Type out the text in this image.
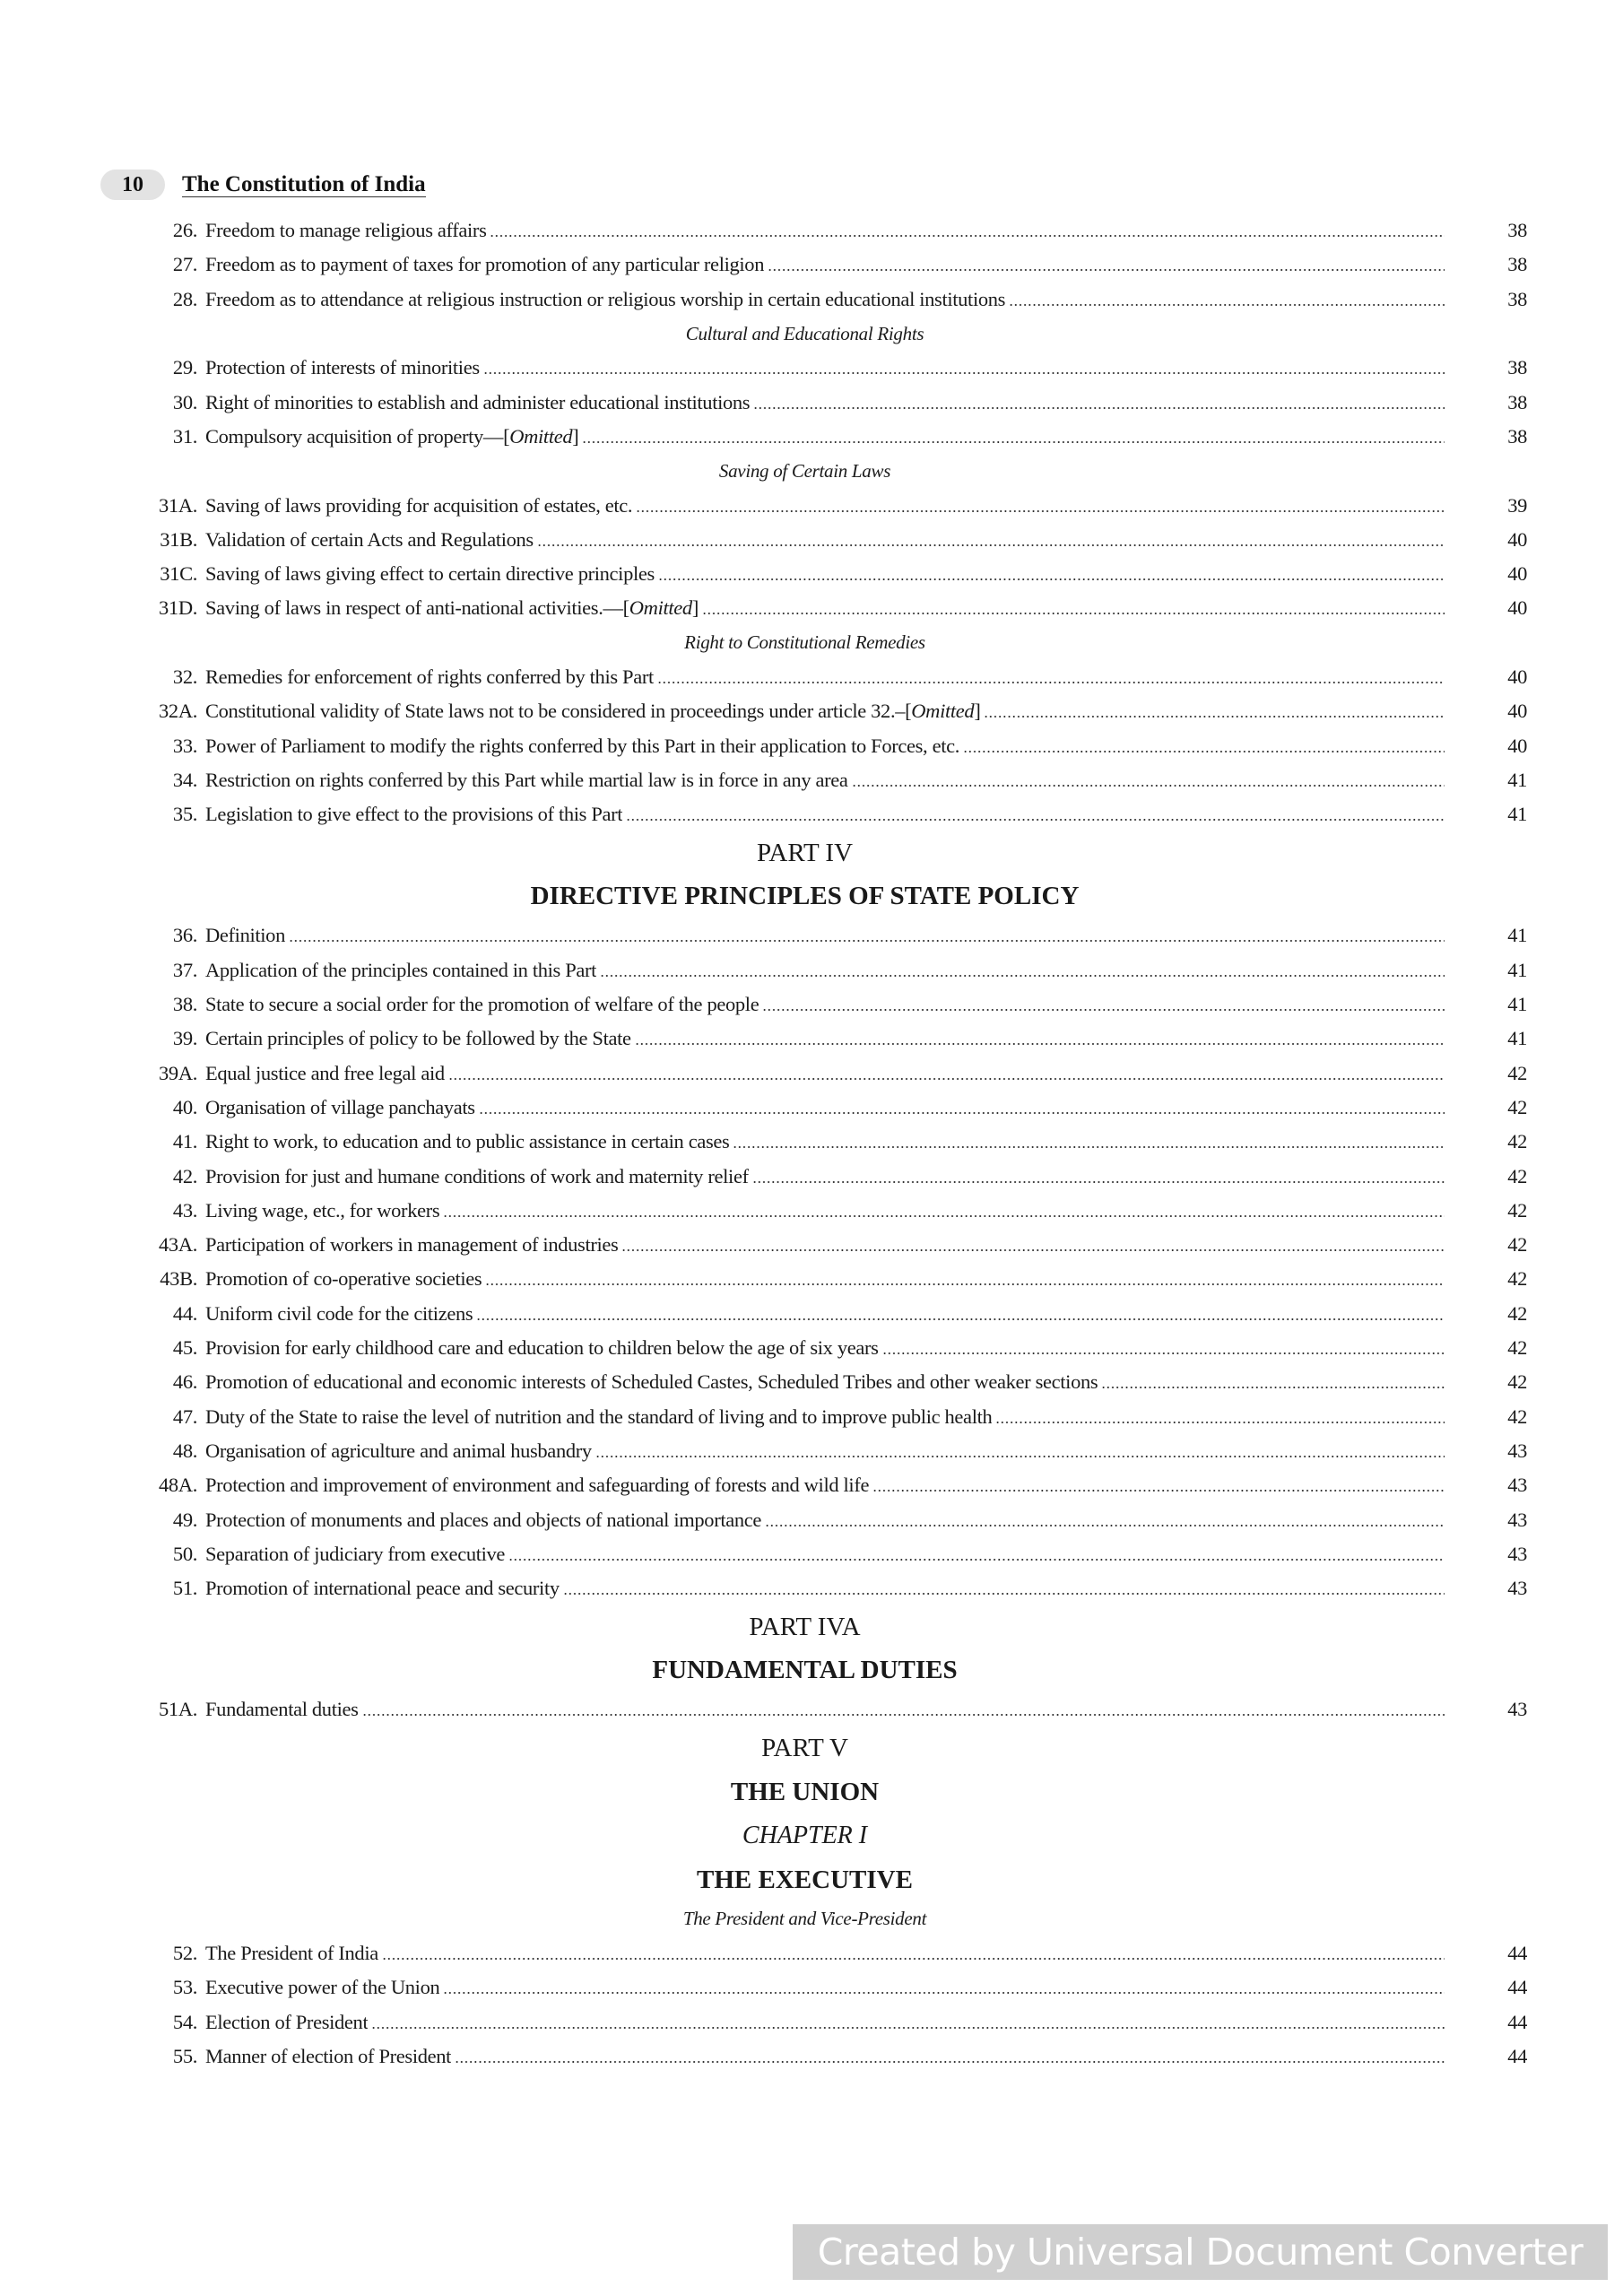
10	The Constitution of India
26. Freedom to manage religious affairs	38
27. Freedom as to payment of taxes for promotion of any particular religion	38
28. Freedom as to attendance at religious instruction or religious worship in certain educational institutions	38
Cultural and Educational Rights
29. Protection of interests of minorities	38
30. Right of minorities to establish and administer educational institutions	38
31. Compulsory acquisition of property—[Omitted]	38
Saving of Certain Laws
31A. Saving of laws providing for acquisition of estates, etc.	39
31B. Validation of certain Acts and Regulations	40
31C. Saving of laws giving effect to certain directive principles	40
31D. Saving of laws in respect of anti-national activities.—[Omitted]	40
Right to Constitutional Remedies
32. Remedies for enforcement of rights conferred by this Part	40
32A. Constitutional validity of State laws not to be considered in proceedings under article 32.–[Omitted]	40
33. Power of Parliament to modify the rights conferred by this Part in their application to Forces, etc.	40
34. Restriction on rights conferred by this Part while martial law is in force in any area	41
35. Legislation to give effect to the provisions of this Part	41
PART IV
DIRECTIVE PRINCIPLES OF STATE POLICY
36. Definition	41
37. Application of the principles contained in this Part	41
38. State to secure a social order for the promotion of welfare of the people	41
39. Certain principles of policy to be followed by the State	41
39A. Equal justice and free legal aid	42
40. Organisation of village panchayats	42
41. Right to work, to education and to public assistance in certain cases	42
42. Provision for just and humane conditions of work and maternity relief	42
43. Living wage, etc., for workers	42
43A. Participation of workers in management of industries	42
43B. Promotion of co-operative societies	42
44. Uniform civil code for the citizens	42
45. Provision for early childhood care and education to children below the age of six years	42
46. Promotion of educational and economic interests of Scheduled Castes, Scheduled Tribes and other weaker sections	42
47. Duty of the State to raise the level of nutrition and the standard of living and to improve public health	42
48. Organisation of agriculture and animal husbandry	43
48A. Protection and improvement of environment and safeguarding of forests and wild life	43
49. Protection of monuments and places and objects of national importance	43
50. Separation of judiciary from executive	43
51. Promotion of international peace and security	43
PART IVA
FUNDAMENTAL DUTIES
51A. Fundamental duties	43
PART V
THE UNION
CHAPTER I
THE EXECUTIVE
The President and Vice-President
52. The President of India	44
53. Executive power of the Union	44
54. Election of President	44
55. Manner of election of President	44
Created by Universal Document Converter
